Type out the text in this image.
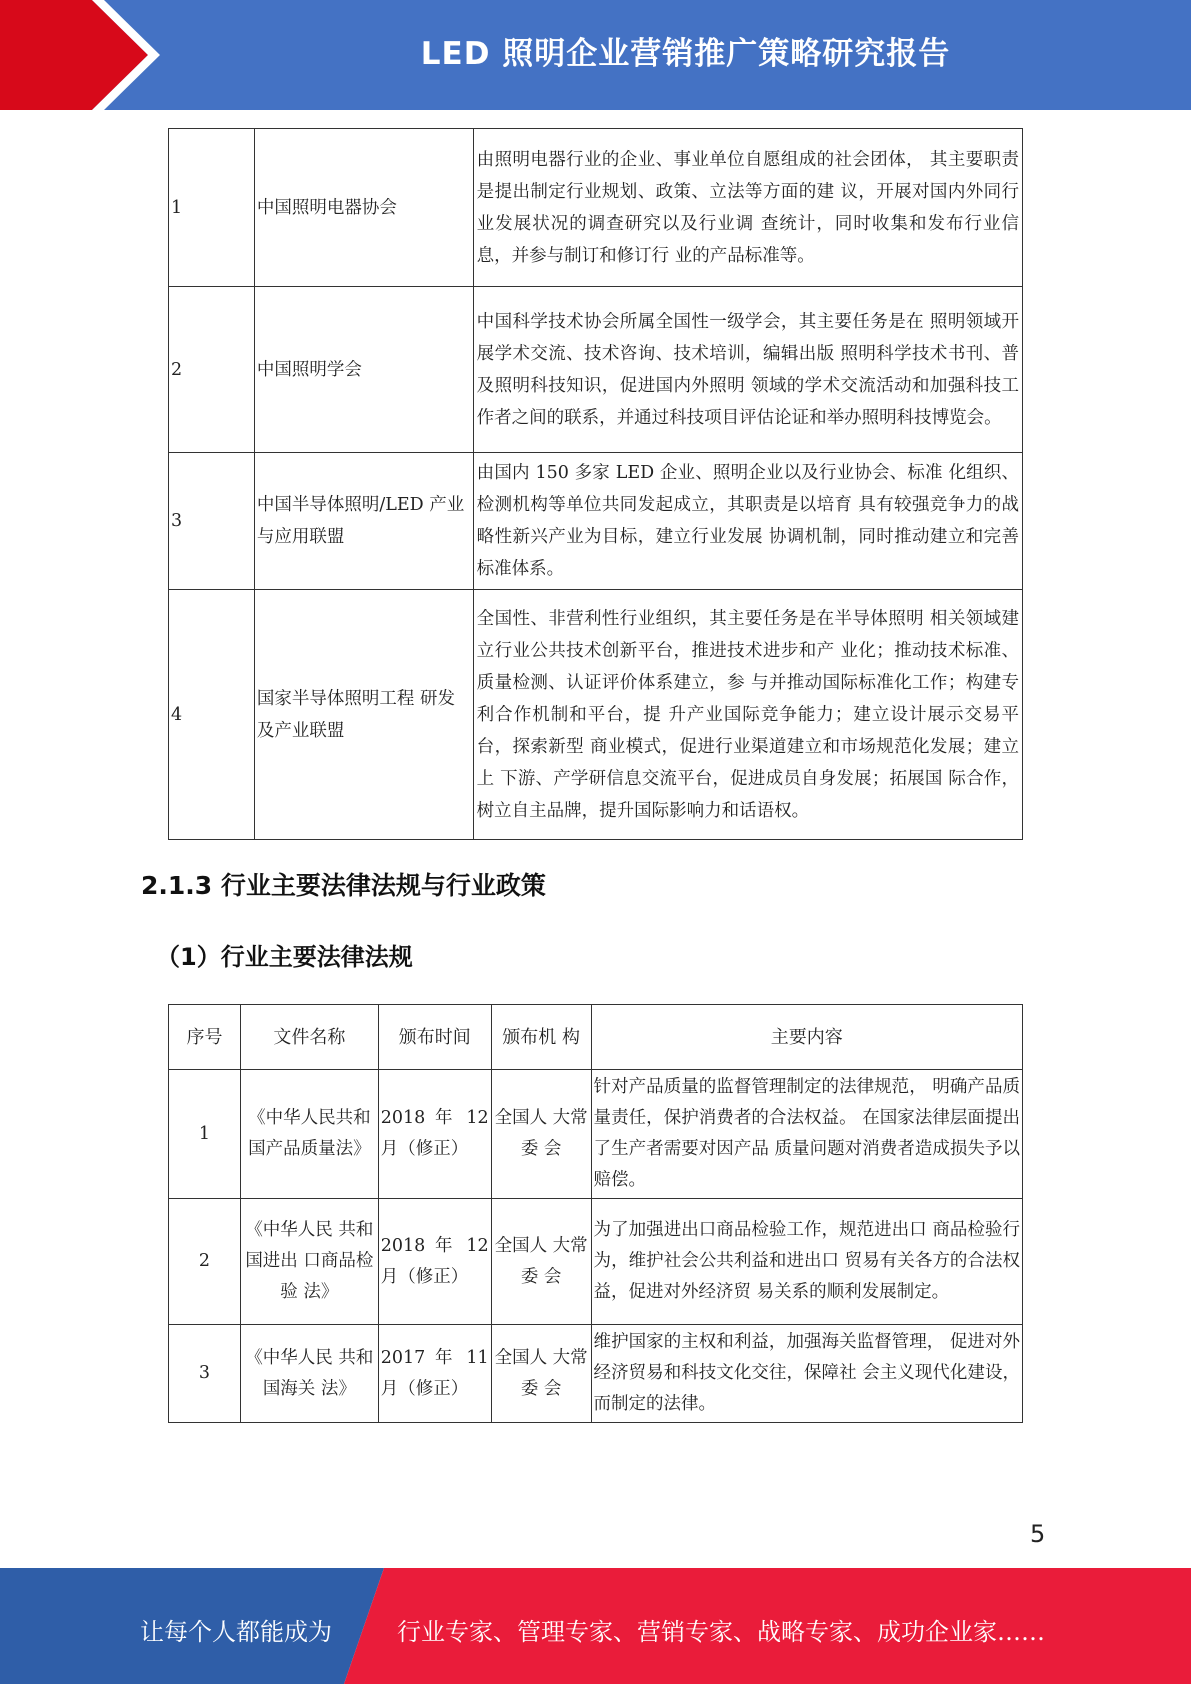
LED 照明企业营销推广策略研究报告
1	中国照明电器协会	由照明电器行业的企业、事业单位自愿组成的社会团体， 其主要职责是提出制定行业规划、政策、立法等方面的建 议，开展对国内外同行业发展状况的调查研究以及行业调 查统计，同时收集和发布行业信息，并参与制订和修订行 业的产品标准等。
2	中国照明学会	中国科学技术协会所属全国性一级学会，其主要任务是在 照明领域开展学术交流、技术咨询、技术培训，编辑出版 照明科学技术书刊、普及照明科技知识，促进国内外照明 领域的学术交流活动和加强科技工作者之间的联系，并通过科技项目评估论证和举办照明科技博览会。
3	中国半导体照明/LED 产业与应用联盟	由国内 150 多家 LED 企业、照明企业以及行业协会、标准 化组织、检测机构等单位共同发起成立，其职责是以培育 具有较强竞争力的战略性新兴产业为目标，建立行业发展 协调机制，同时推动建立和完善标准体系。
4	国家半导体照明工程 研发及产业联盟	全国性、非营利性行业组织，其主要任务是在半导体照明 相关领域建立行业公共技术创新平台，推进技术进步和产 业化；推动技术标准、质量检测、认证评价体系建立，参 与并推动国际标准化工作；构建专利合作机制和平台，提 升产业国际竞争能力；建立设计展示交易平台，探索新型 商业模式，促进行业渠道建立和市场规范化发展；建立上 下游、产学研信息交流平台，促进成员自身发展；拓展国 际合作，树立自主品牌，提升国际影响力和话语权。
2.1.3 行业主要法律法规与行业政策
（1）行业主要法律法规
序号	文件名称	颁布时间	颁布机 构	主要内容
1	《中华人民共和国产品质量法》	2018 年 12 月（修正）	全国人 大常委 会	针对产品质量的监督管理制定的法律规范， 明确产品质量责任，保护消费者的合法权益。 在国家法律层面提出了生产者需要对因产品 质量问题对消费者造成损失予以赔偿。
2	《中华人民 共和国进出 口商品检验 法》	2018 年 12 月（修正）	全国人 大常委 会	为了加强进出口商品检验工作，规范进出口 商品检验行为，维护社会公共利益和进出口 贸易有关各方的合法权益，促进对外经济贸 易关系的顺利发展制定。
3	《中华人民 共和国海关 法》	2017 年 11 月（修正）	全国人 大常委 会	维护国家的主权和利益，加强海关监督管理， 促进对外经济贸易和科技文化交往，保障社 会主义现代化建设，而制定的法律。
5
让每个人都能成为	行业专家、管理专家、营销专家、战略专家、成功企业家……
